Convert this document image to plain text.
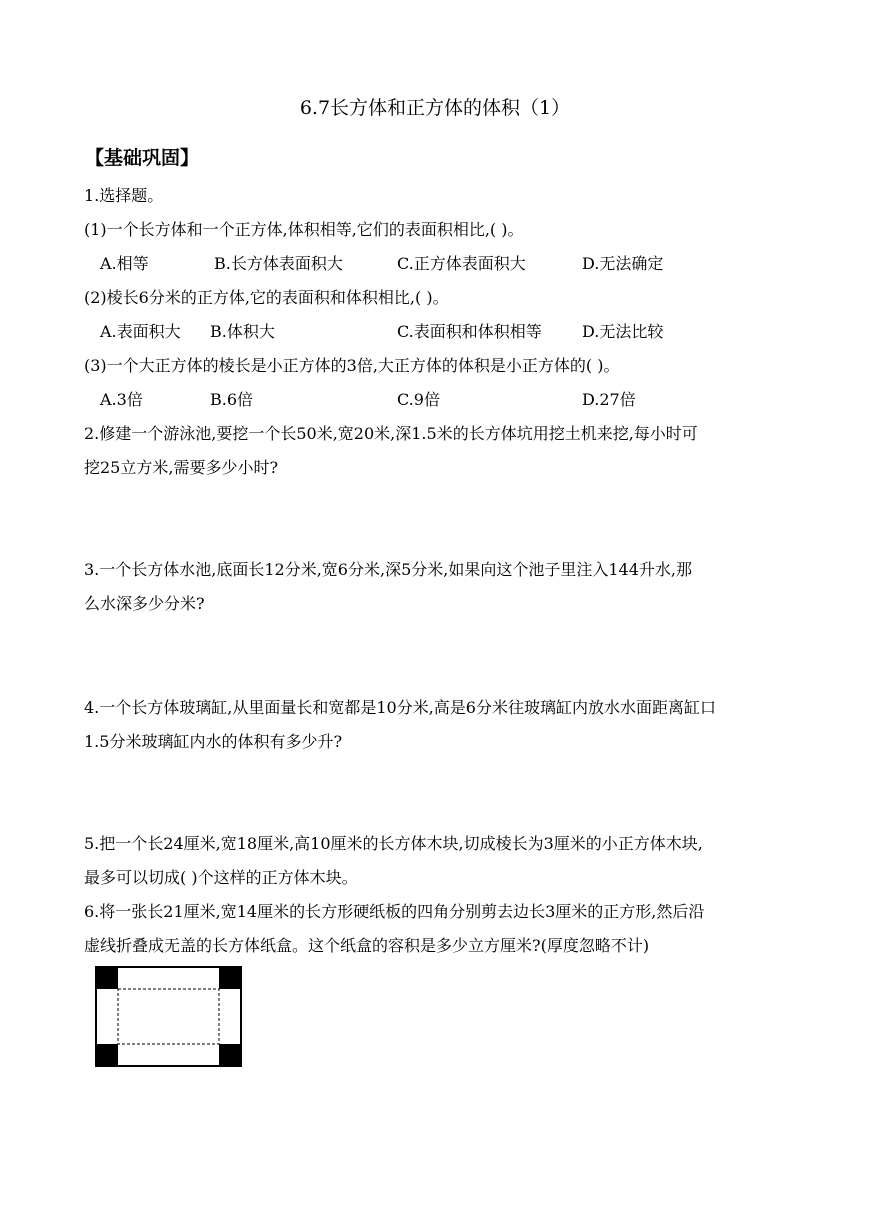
6.7长方体和正方体的体积（1）
【基础巩固】
1.选择题。
(1)一个长方体和一个正方体,体积相等,它们的表面积相比,( )。
A.相等	B.长方体表面积大	C.正方体表面积大	D.无法确定
(2)棱长6分米的正方体,它的表面积和体积相比,( )。
A.表面积大 B.体积大	C.表面积和体积相等	D.无法比较
(3)一个大正方体的棱长是小正方体的3倍,大正方体的体积是小正方体的( )。
A.3倍	B.6倍	C.9倍	D.27倍
2.修建一个游泳池,要挖一个长50米,宽20米,深1.5米的长方体坑用挖土机来挖,每小时可
挖25立方米,需要多少小时?
3.一个长方体水池,底面长12分米,宽6分米,深5分米,如果向这个池子里注入144升水,那
么水深多少分米?
4.一个长方体玻璃缸,从里面量长和宽都是10分米,高是6分米往玻璃缸内放水水面距离缸口
1.5分米玻璃缸内水的体积有多少升?
5.把一个长24厘米,宽18厘米,高10厘米的长方体木块,切成棱长为3厘米的小正方体木块,
最多可以切成( )个这样的正方体木块。
6.将一张长21厘米,宽14厘米的长方形硬纸板的四角分别剪去边长3厘米的正方形,然后沿
虚线折叠成无盖的长方体纸盒。这个纸盒的容积是多少立方厘米?(厚度忽略不计)
